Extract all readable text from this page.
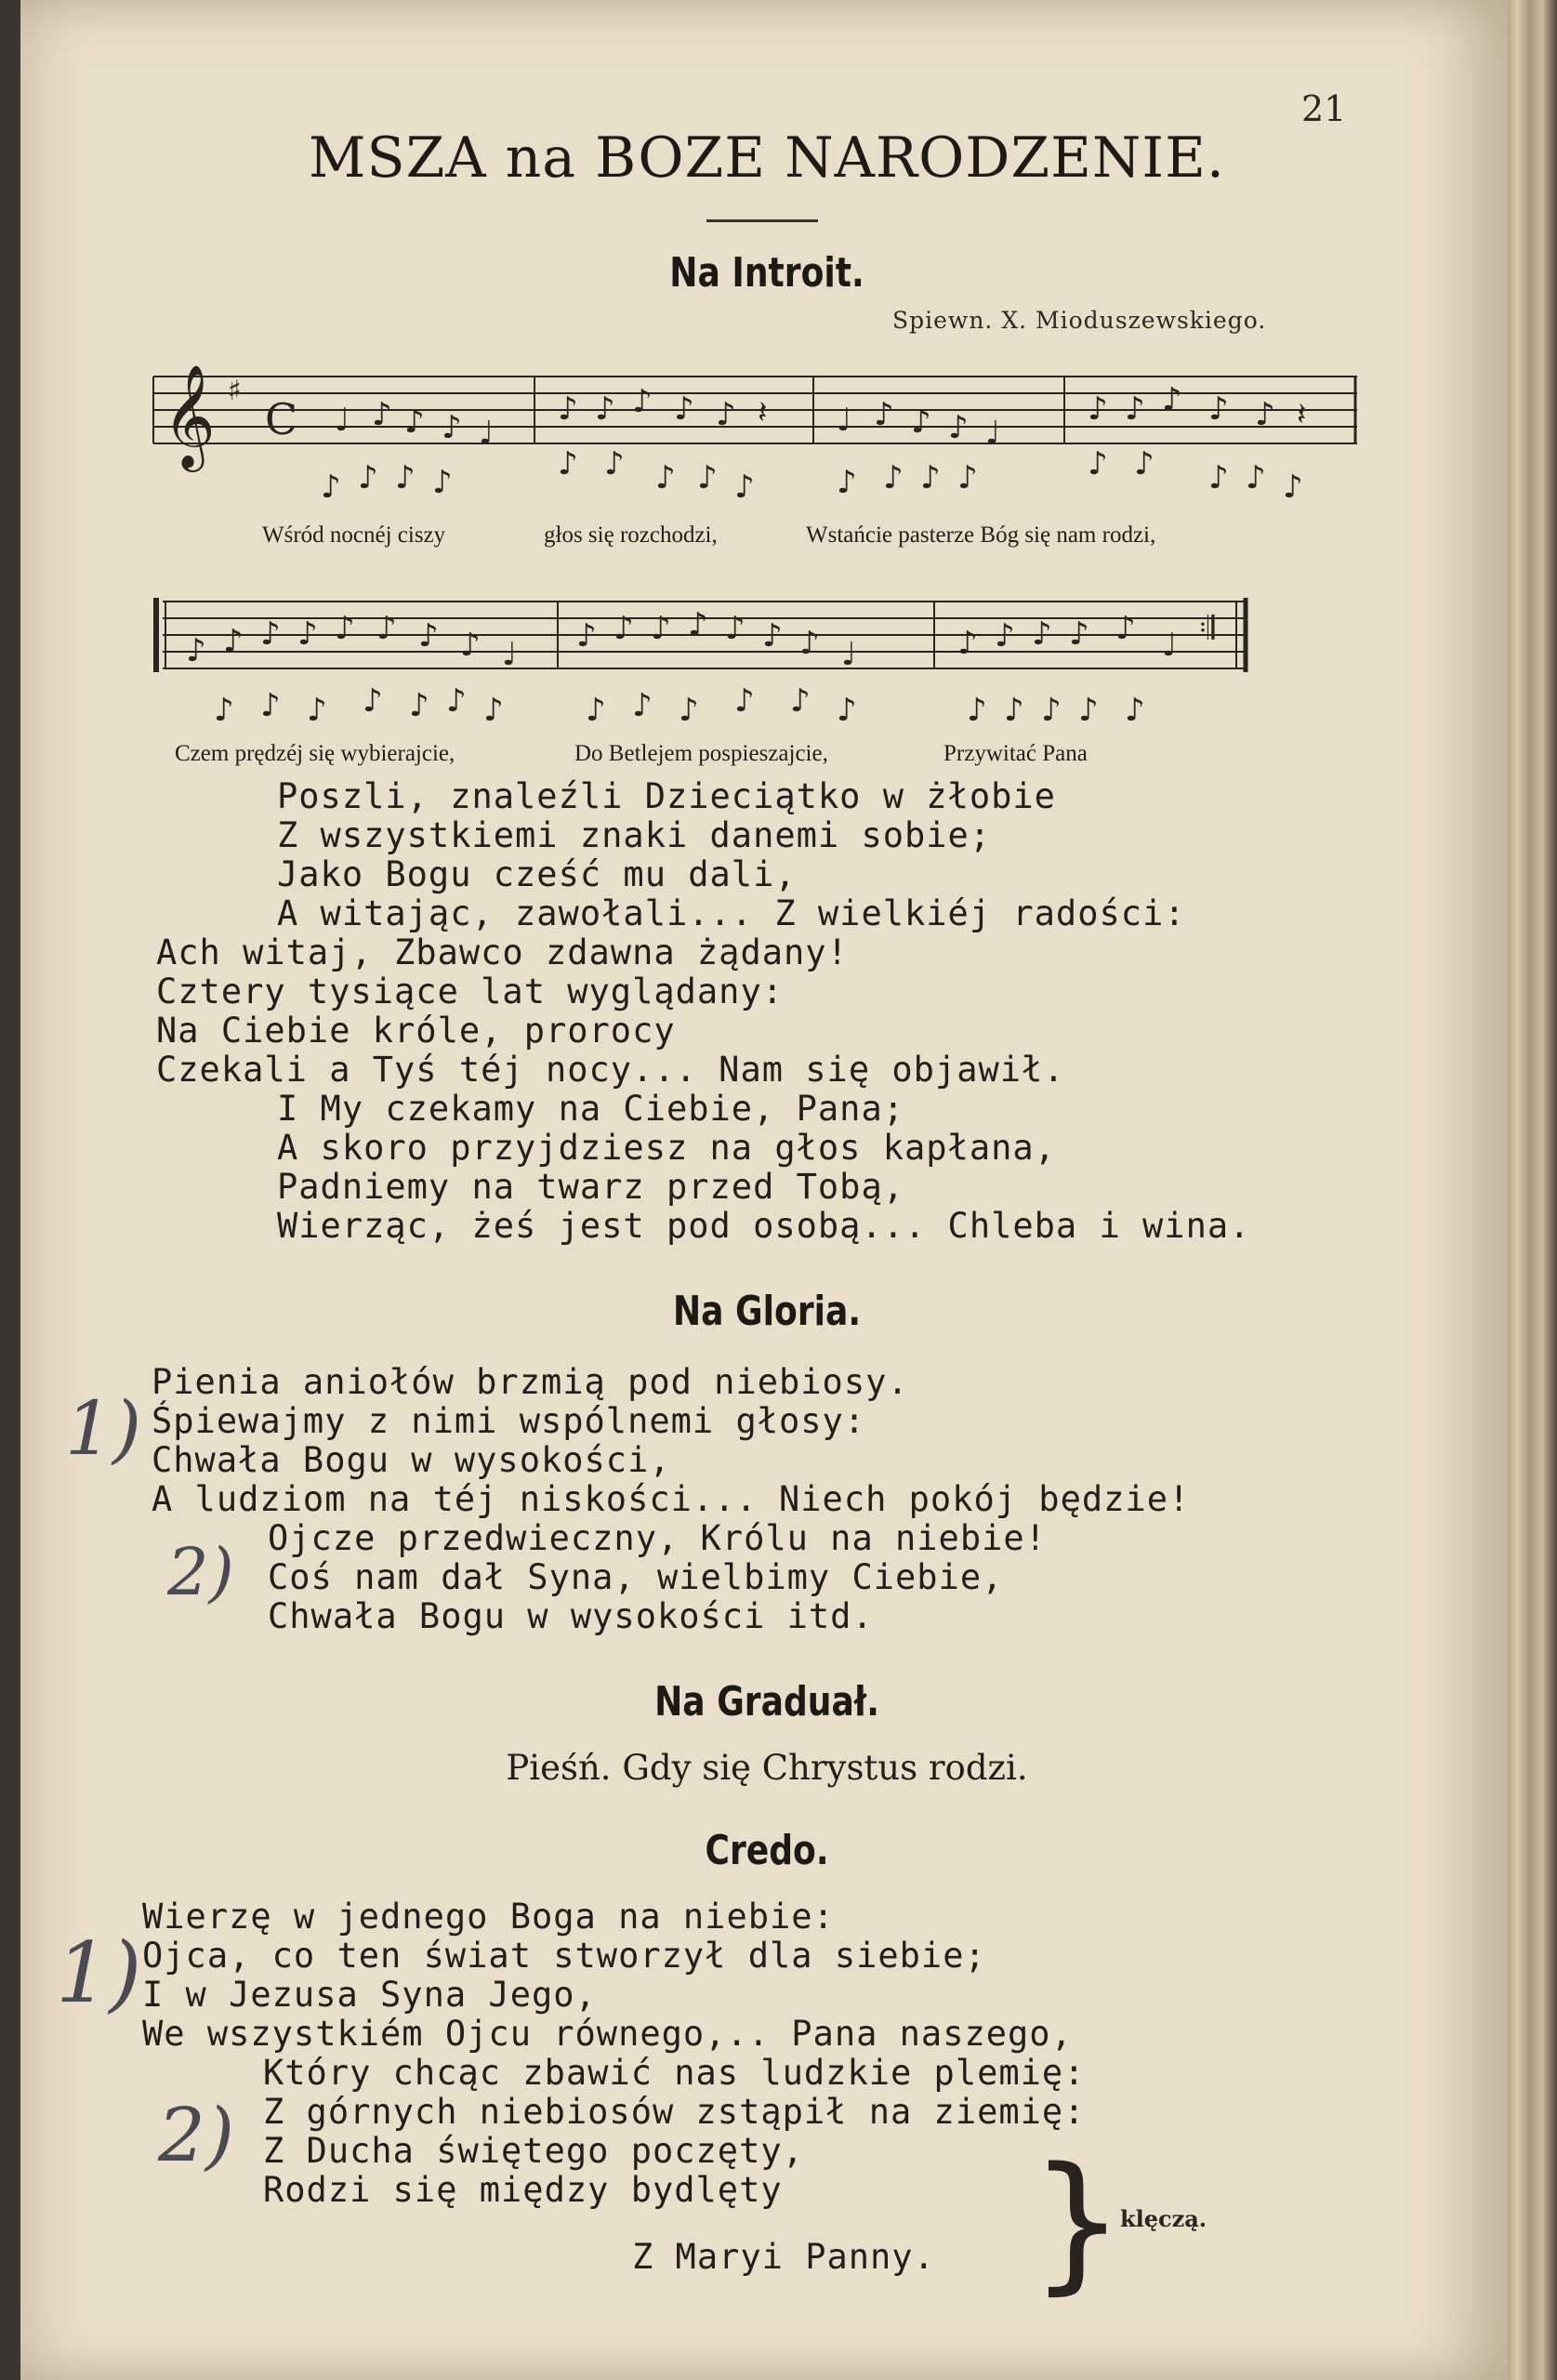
21
MSZA na BOZE NARODZENIE.
Na Introit.
Spiewn. X. Mioduszewskiego.
𝄞 ♯
C ♩ ♪ ♪ ♪ ♩
♪ ♪ ♪ ♪ ♪ 𝄽 ♩ ♪ ♪ ♪ ♩
♪ ♪ ♪ ♪ ♪ 𝄽
♪ ♪ ♪ ♪	♪ ♪ ♪ ♪ ♪	♪ ♪ ♪ ♪	♪ ♪ ♪ ♪ ♪
Wśród nocnéj ciszy	głos się rozchodzi,	Wstańcie pasterze Bóg się nam rodzi,
♪ ♪ ♪ ♪ ♪ ♪ ♪ ♪ ♩ ♪ ♪ ♪ ♪ ♪ ♪ ♪ ♩	♪ ♪ ♪ ♪ ♪ ♩ 𝄇
♪ ♪ ♪ ♪ ♪ ♪ ♪	♪ ♪ ♪ ♪ ♪ ♪	♪ ♪ ♪ ♪ ♪
Czem prędzéj się wybierajcie,	Do Betlejem pospieszajcie,	Przywitać Pana
Poszli, znaleźli Dzieciątko w żłobie
Z wszystkiemi znaki danemi sobie;
Jako Bogu cześć mu dali,
A witając, zawołali... Z wielkiéj radości:
Ach witaj, Zbawco zdawna żądany!
Cztery tysiące lat wyglądany:
Na Ciebie króle, prorocy
Czekali a Tyś téj nocy... Nam się objawił.
I My czekamy na Ciebie, Pana;
A skoro przyjdziesz na głos kapłana,
Padniemy na twarz przed Tobą,
Wierząc, żeś jest pod osobą... Chleba i wina.
Na Gloria.
Pienia aniołów brzmią pod niebiosy.
Śpiewajmy z nimi wspólnemi głosy:
Chwała Bogu w wysokości,
A ludziom na téj niskości... Niech pokój będzie!
Ojcze przedwieczny, Królu na niebie!
Coś nam dał Syna, wielbimy Ciebie,
Chwała Bogu w wysokości itd.
1)
2)
Na Graduał.
Pieśń. Gdy się Chrystus rodzi.
Credo.
Wierzę w jednego Boga na niebie:
Ojca, co ten świat stworzył dla siebie;
I w Jezusa Syna Jego,
We wszystkiém Ojcu równego,.. Pana naszego,
Który chcąc zbawić nas ludzkie plemię:
Z górnych niebiosów zstąpił na ziemię:
Z Ducha świętego poczęty,
Rodzi się między bydlęty
Z Maryi Panny. }
klęczą.
1)
2)
